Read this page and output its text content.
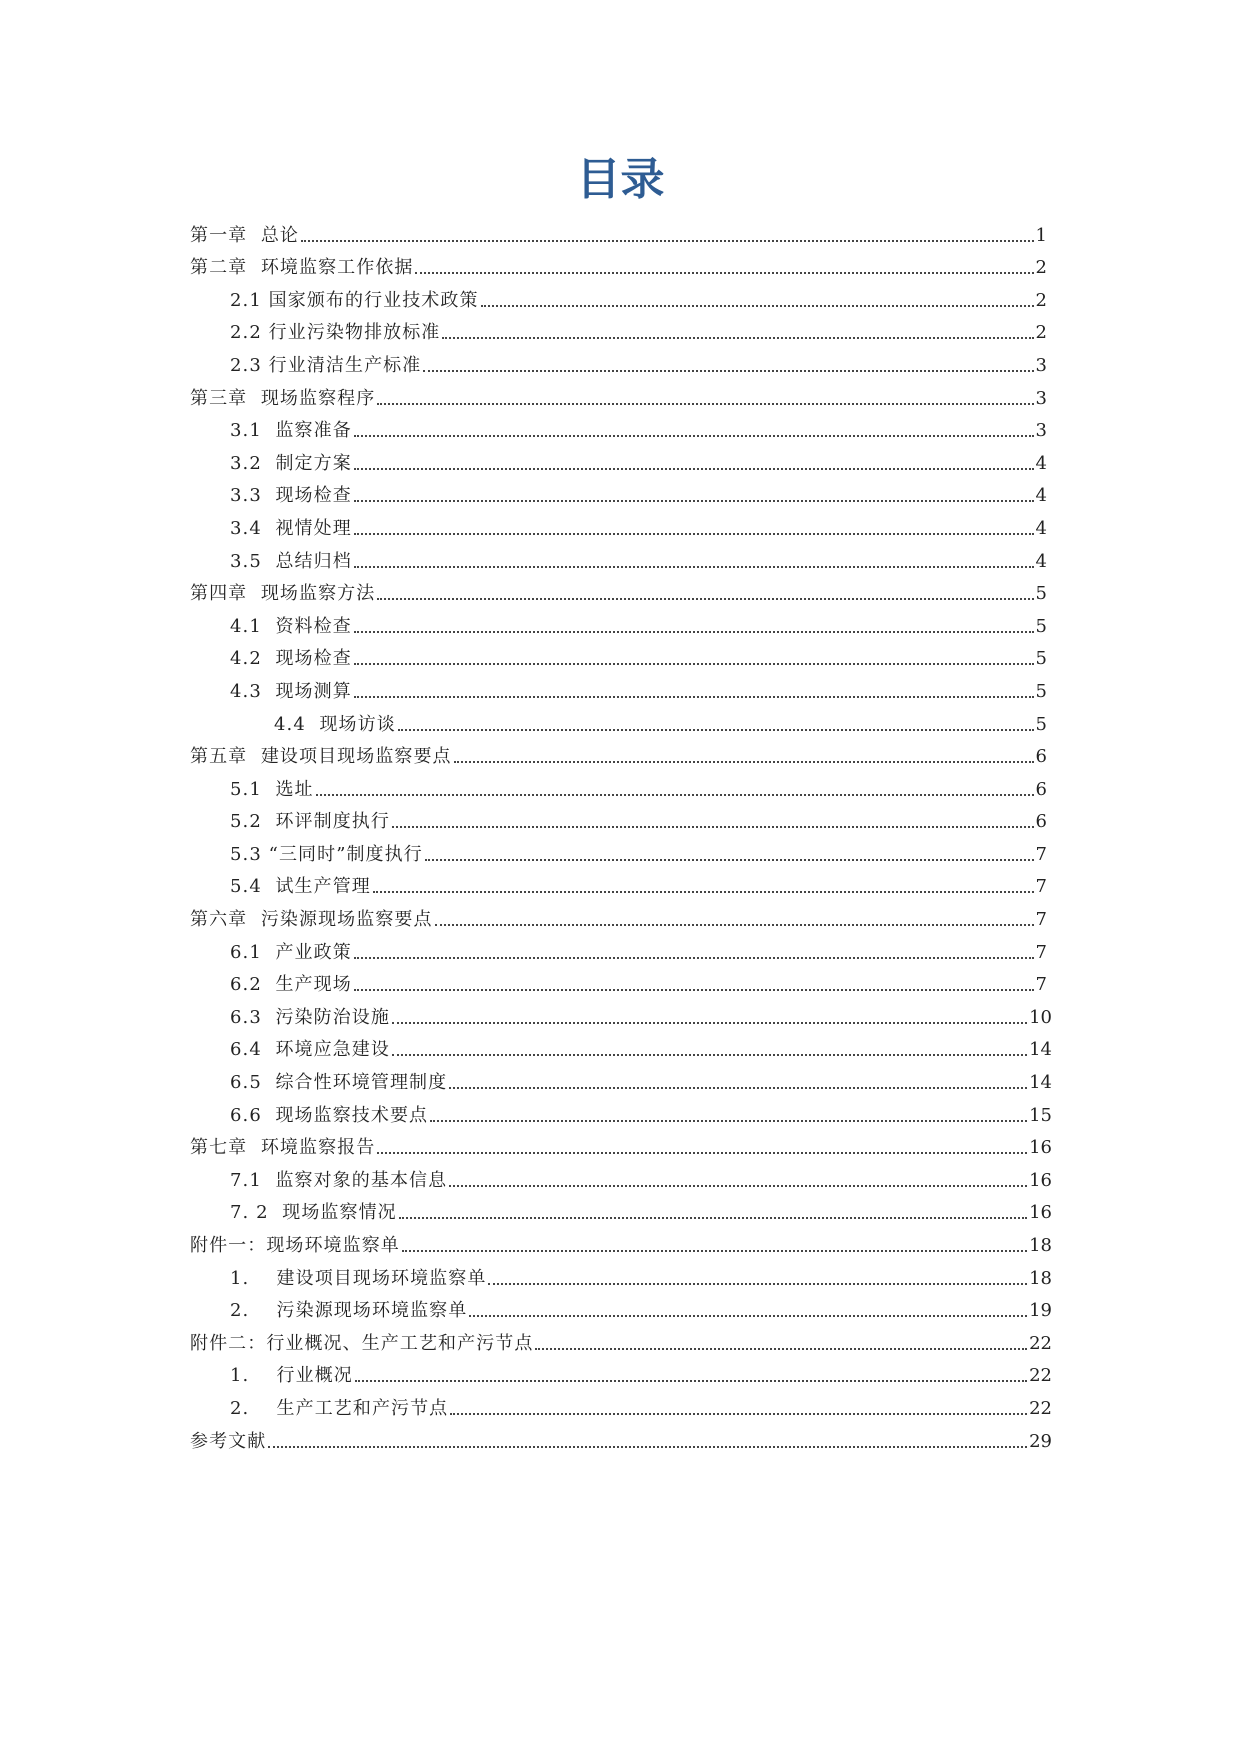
目录
第一章  总论	1
第二章  环境监察工作依据	2
2.1 国家颁布的行业技术政策	2
2.2 行业污染物排放标准	2
2.3 行业清洁生产标准	3
第三章  现场监察程序	3
3.1  监察准备	3
3.2  制定方案	4
3.3  现场检查	4
3.4  视情处理	4
3.5  总结归档	4
第四章  现场监察方法	5
4.1  资料检查	5
4.2  现场检查	5
4.3  现场测算	5
4.4  现场访谈	5
第五章  建设项目现场监察要点	6
5.1  选址	6
5.2  环评制度执行	6
5.3 “三同时”制度执行	7
5.4  试生产管理	7
第六章  污染源现场监察要点	7
6.1  产业政策	7
6.2  生产现场	7
6.3  污染防治设施	10
6.4  环境应急建设	14
6.5  综合性环境管理制度	14
6.6  现场监察技术要点	15
第七章  环境监察报告	16
7.1  监察对象的基本信息	16
7. 2  现场监察情况	16
附件一：现场环境监察单	18
1.    建设项目现场环境监察单	18
2.    污染源现场环境监察单	19
附件二：行业概况、生产工艺和产污节点	22
1.    行业概况	22
2.    生产工艺和产污节点	22
参考文献	29
